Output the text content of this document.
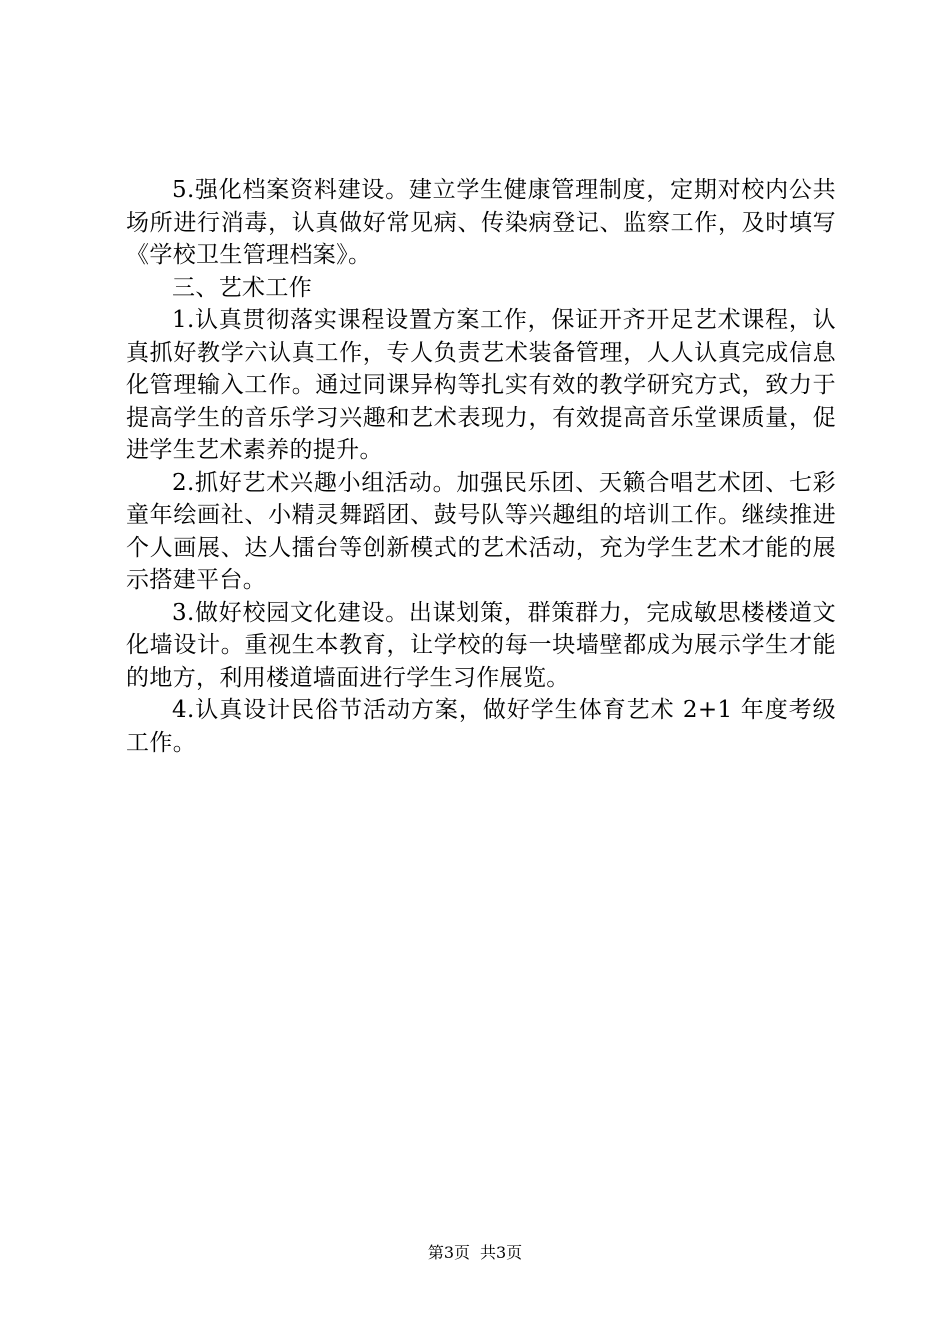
5.强化档案资料建设。建立学生健康管理制度，定期对校内公共场所进行消毒，认真做好常见病、传染病登记、监察工作，及时填写《学校卫生管理档案》。

三、艺术工作

1.认真贯彻落实课程设置方案工作，保证开齐开足艺术课程，认真抓好教学六认真工作，专人负责艺术装备管理，人人认真完成信息化管理输入工作。通过同课异构等扎实有效的教学研究方式，致力于提高学生的音乐学习兴趣和艺术表现力，有效提高音乐堂课质量，促进学生艺术素养的提升。

2.抓好艺术兴趣小组活动。加强民乐团、天籁合唱艺术团、七彩童年绘画社、小精灵舞蹈团、鼓号队等兴趣组的培训工作。继续推进个人画展、达人擂台等创新模式的艺术活动，充为学生艺术才能的展示搭建平台。

3.做好校园文化建设。出谋划策，群策群力，完成敏思楼楼道文化墙设计。重视生本教育，让学校的每一块墙壁都成为展示学生才能的地方，利用楼道墙面进行学生习作展览。

4.认真设计民俗节活动方案，做好学生体育艺术 2+1 年度考级工作。

第3页 共3页
